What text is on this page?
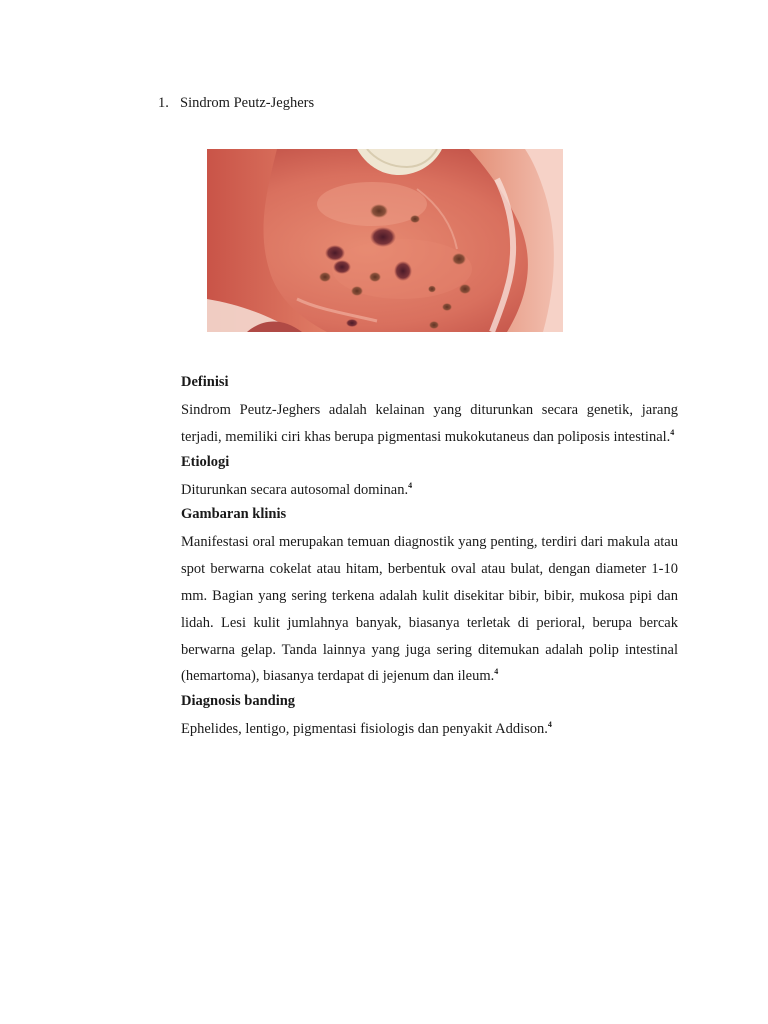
1. Sindrom Peutz-Jeghers
Definisi

Sindrom Peutz-Jeghers adalah kelainan yang diturunkan secara genetik, jarang terjadi, memiliki ciri khas berupa pigmentasi mukokutaneus dan poliposis intestinal.$^4$

Etiologi

Diturunkan secara autosomal dominan.$^4$

Gambaran klinis

Manifestasi oral merupakan temuan diagnostik yang penting, terdiri dari makula atau spot berwarna cokelat atau hitam, berbentuk oval atau bulat, dengan diameter 1-10 mm. Bagian yang sering terkena adalah kulit disekitar bibir, bibir, mukosa pipi dan lidah. Lesi kulit jumlahnya banyak, biasanya terletak di perioral, berupa bercak berwarna gelap. Tanda lainnya yang juga sering ditemukan adalah polip intestinal (hemartoma), biasanya terdapat di jejenum dan ileum.$^4$

Diagnosis banding

Ephelides, lentigo, pigmentasi fisiologis dan penyakit Addison.$^4$
